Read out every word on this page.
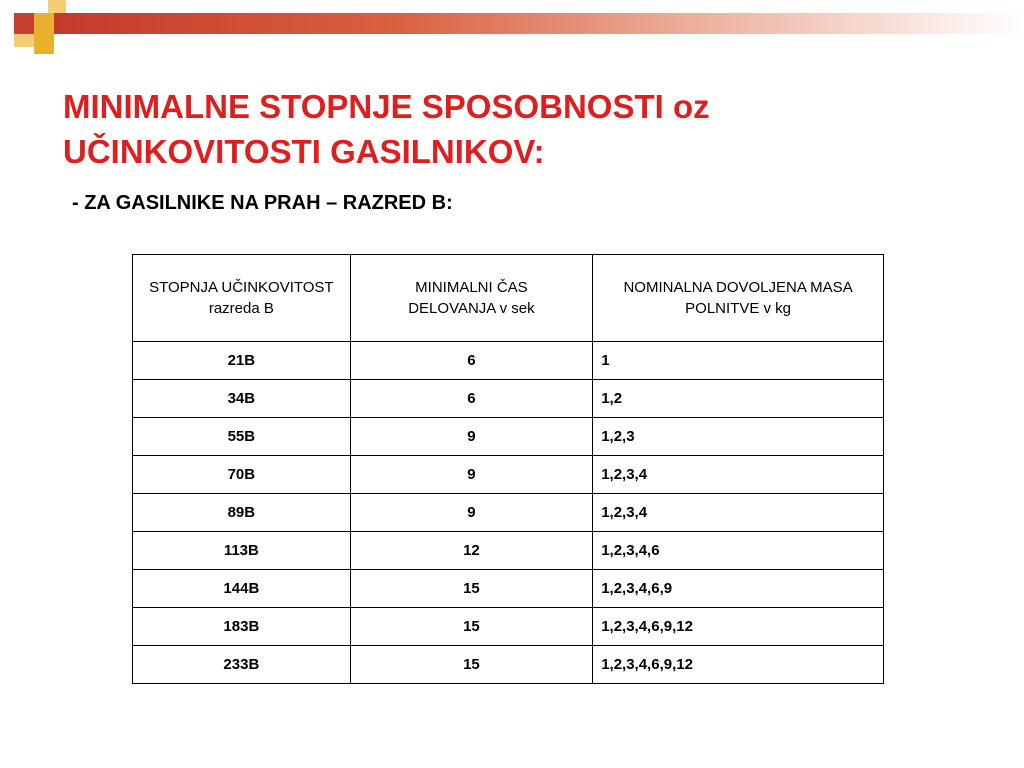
MINIMALNE STOPNJE SPOSOBNOSTI oz UČINKOVITOSTI GASILNIKOV:

- ZA GASILNIKE NA PRAH – RAZRED B:

STOPNJA UČINKOVITOST razreda B	MINIMALNI ČAS DELOVANJA v sek	NOMINALNA DOVOLJENA MASA POLNITVE v kg
21B	6	1
34B	6	1,2
55B	9	1,2,3
70B	9	1,2,3,4
89B	9	1,2,3,4
113B	12	1,2,3,4,6
144B	15	1,2,3,4,6,9
183B	15	1,2,3,4,6,9,12
233B	15	1,2,3,4,6,9,12
